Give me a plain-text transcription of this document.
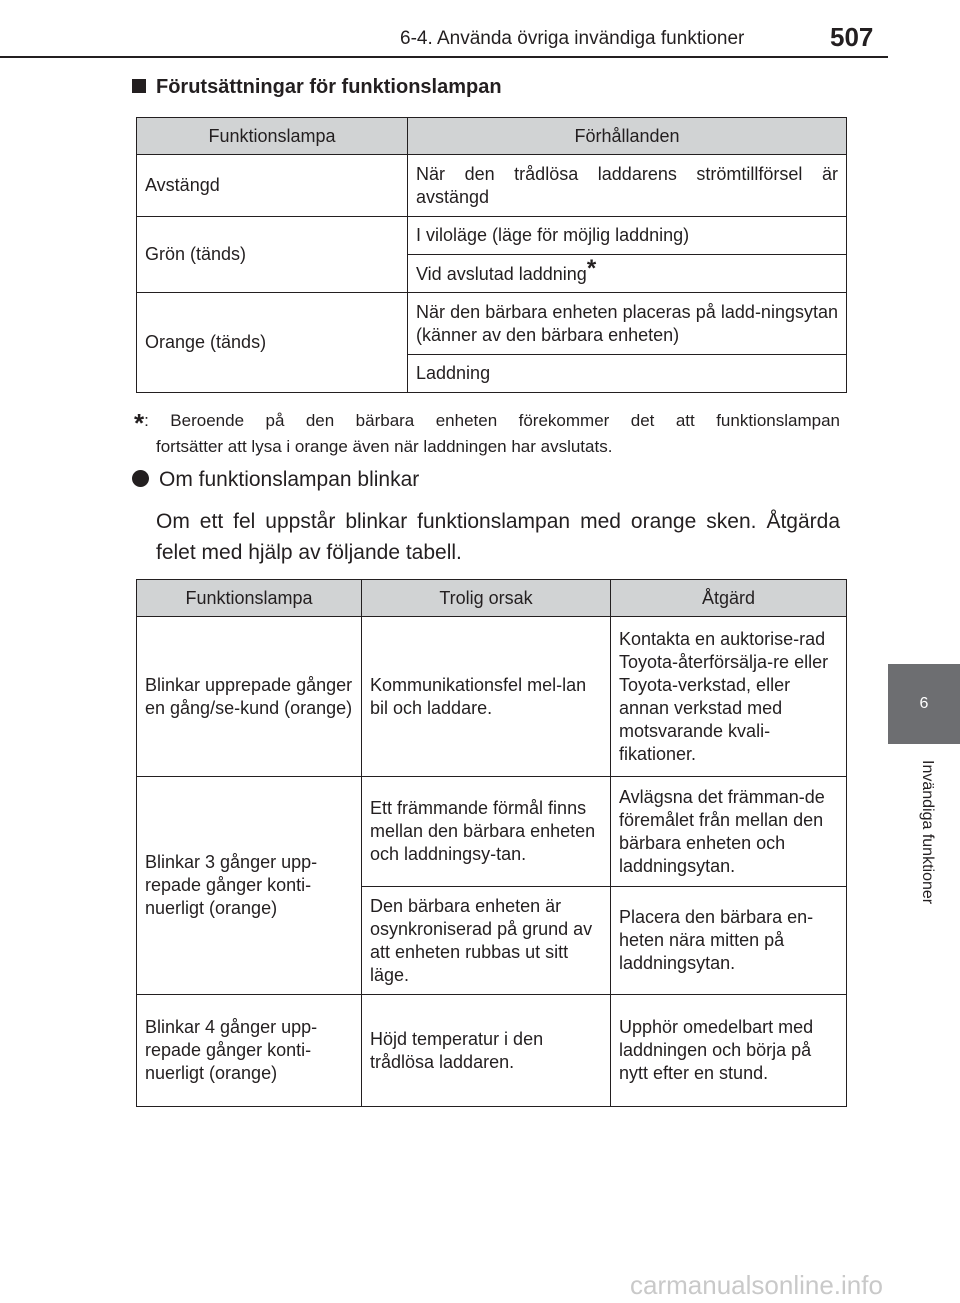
6-4. Använda övriga invändiga funktioner	507
6
Invändiga funktioner
Förutsättningar för funktionslampan
Funktionslampa	Förhållanden
Avstängd	När den trådlösa laddarens strömtillförsel är avstängd
Grön (tänds)	I viloläge (läge för möjlig laddning)
	Vid avslutad laddning*
Orange (tänds)	När den bärbara enheten placeras på ladd-ningsytan (känner av den bärbara enheten)
	Laddning
*: Beroende på den bärbara enheten förekommer det att funktionslampan
fortsätter att lysa i orange även när laddningen har avslutats.
Om funktionslampan blinkar
Om ett fel uppstår blinkar funktionslampan med orange sken. Åtgärda felet med hjälp av följande tabell.
Funktionslampa	Trolig orsak	Åtgärd
Blinkar upprepade gånger en gång/se-kund (orange)	Kommunikationsfel mel-lan bil och laddare.	Kontakta en auktorise-rad Toyota-återförsälja-re eller Toyota-verkstad, eller annan verkstad med motsvarande kvali-fikationer.
Blinkar 3 gånger upp-repade gånger konti-nuerligt (orange)	Ett främmande förmål finns mellan den bärbara enheten och laddningsy-tan.	Avlägsna det främman-de föremålet från mellan den bärbara enheten och laddningsytan.
	Den bärbara enheten är osynkroniserad på grund av att enheten rubbas ut sitt läge.	Placera den bärbara en-heten nära mitten på laddningsytan.
Blinkar 4 gånger upp-repade gånger konti-nuerligt (orange)	Höjd temperatur i den trådlösa laddaren.	Upphör omedelbart med laddningen och börja på nytt efter en stund.
carmanualsonline.info
